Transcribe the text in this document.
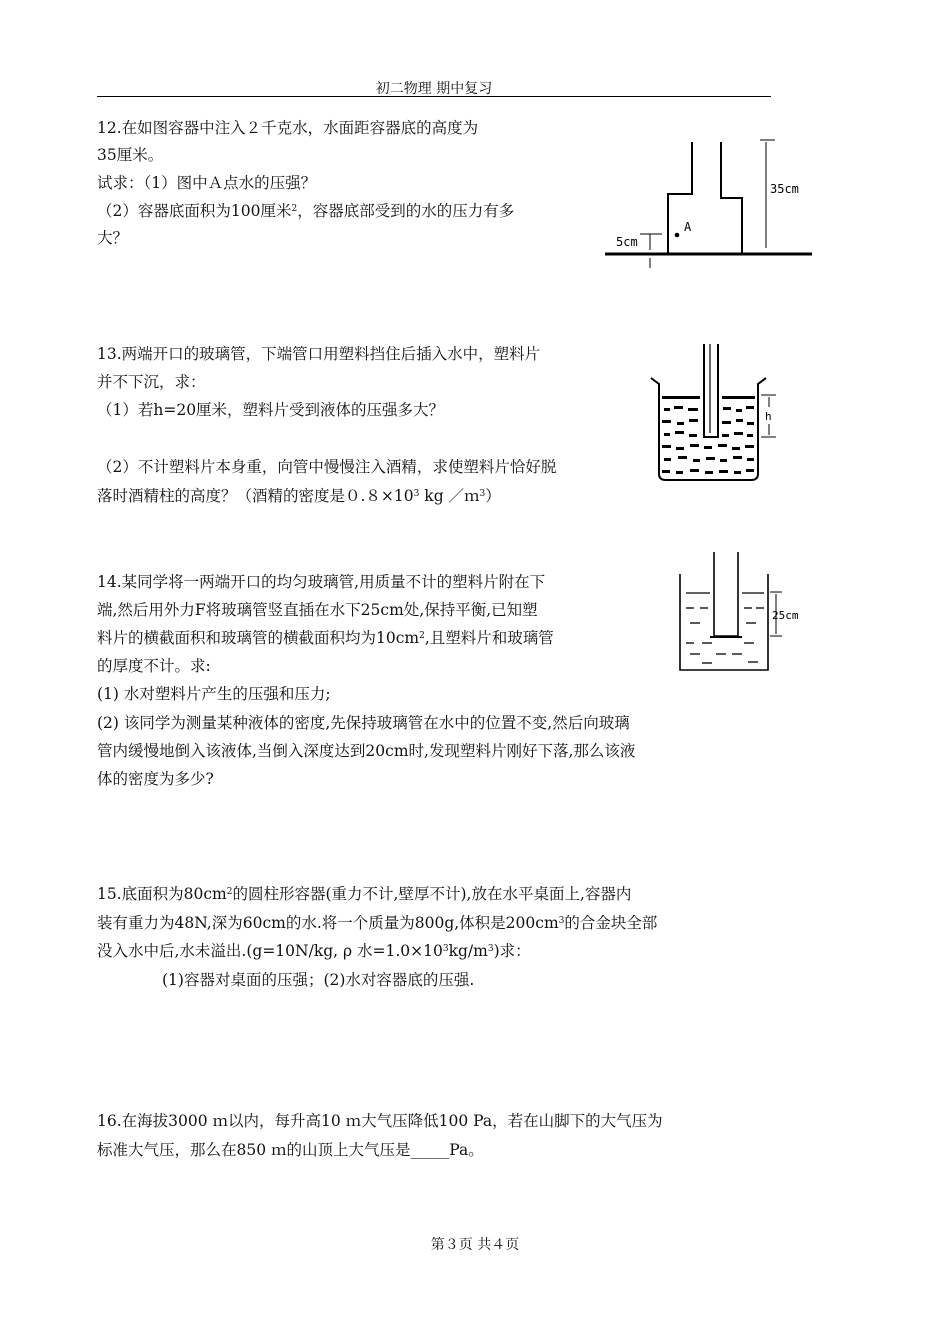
初二物理 期中复习
12.在如图容器中注入２千克水，水面距容器底的高度为
35厘米。
试求：（1）图中Ａ点水的压强？
（2）容器底面积为100厘米$^2$，容器底部受到的水的压力有多
大？
A
35cm
5cm
13.两端开口的玻璃管，下端管口用塑料挡住后插入水中，塑料片
并不下沉，求：
（1）若h=20厘米，塑料片受到液体的压强多大？
（2）不计塑料片本身重，向管中慢慢注入酒精，求使塑料片恰好脱
落时酒精柱的高度？（酒精的密度是$0.8\times 10^3$ kg ／ｍ$^3$）
h
14.某同学将一两端开口的均匀玻璃管,用质量不计的塑料片附在下
端,然后用外力F将玻璃管竖直插在水下25cm处,保持平衡,已知塑
料片的横截面积和玻璃管的横截面积均为$10cm^2$,且塑料片和玻璃管
的厚度不计。求:
(1) 水对塑料片产生的压强和压力;
(2) 该同学为测量某种液体的密度,先保持玻璃管在水中的位置不变,然后向玻璃
管内缓慢地倒入该液体,当倒入深度达到20cm时,发现塑料片刚好下落,那么该液
体的密度为多少?
25cm
15.底面积为$80cm^2$的圆柱形容器(重力不计,壁厚不计),放在水平桌面上,容器内
装有重力为48N,深为60cm的水.将一个质量为800g,体积是$200cm^3$的合金块全部
没入水中后,水未溢出.(g=10N/kg, ρ 水$=1.0\times 10^3kg/m^3$)求：
(1)容器对桌面的压强；(2)水对容器底的压强.
16.在海拔3000 ｍ以内，每升高10 ｍ大气压降低100 Pa，若在山脚下的大气压为
标准大气压，那么在850 ｍ的山顶上大气压是_____Pa。
第３页 共４页
